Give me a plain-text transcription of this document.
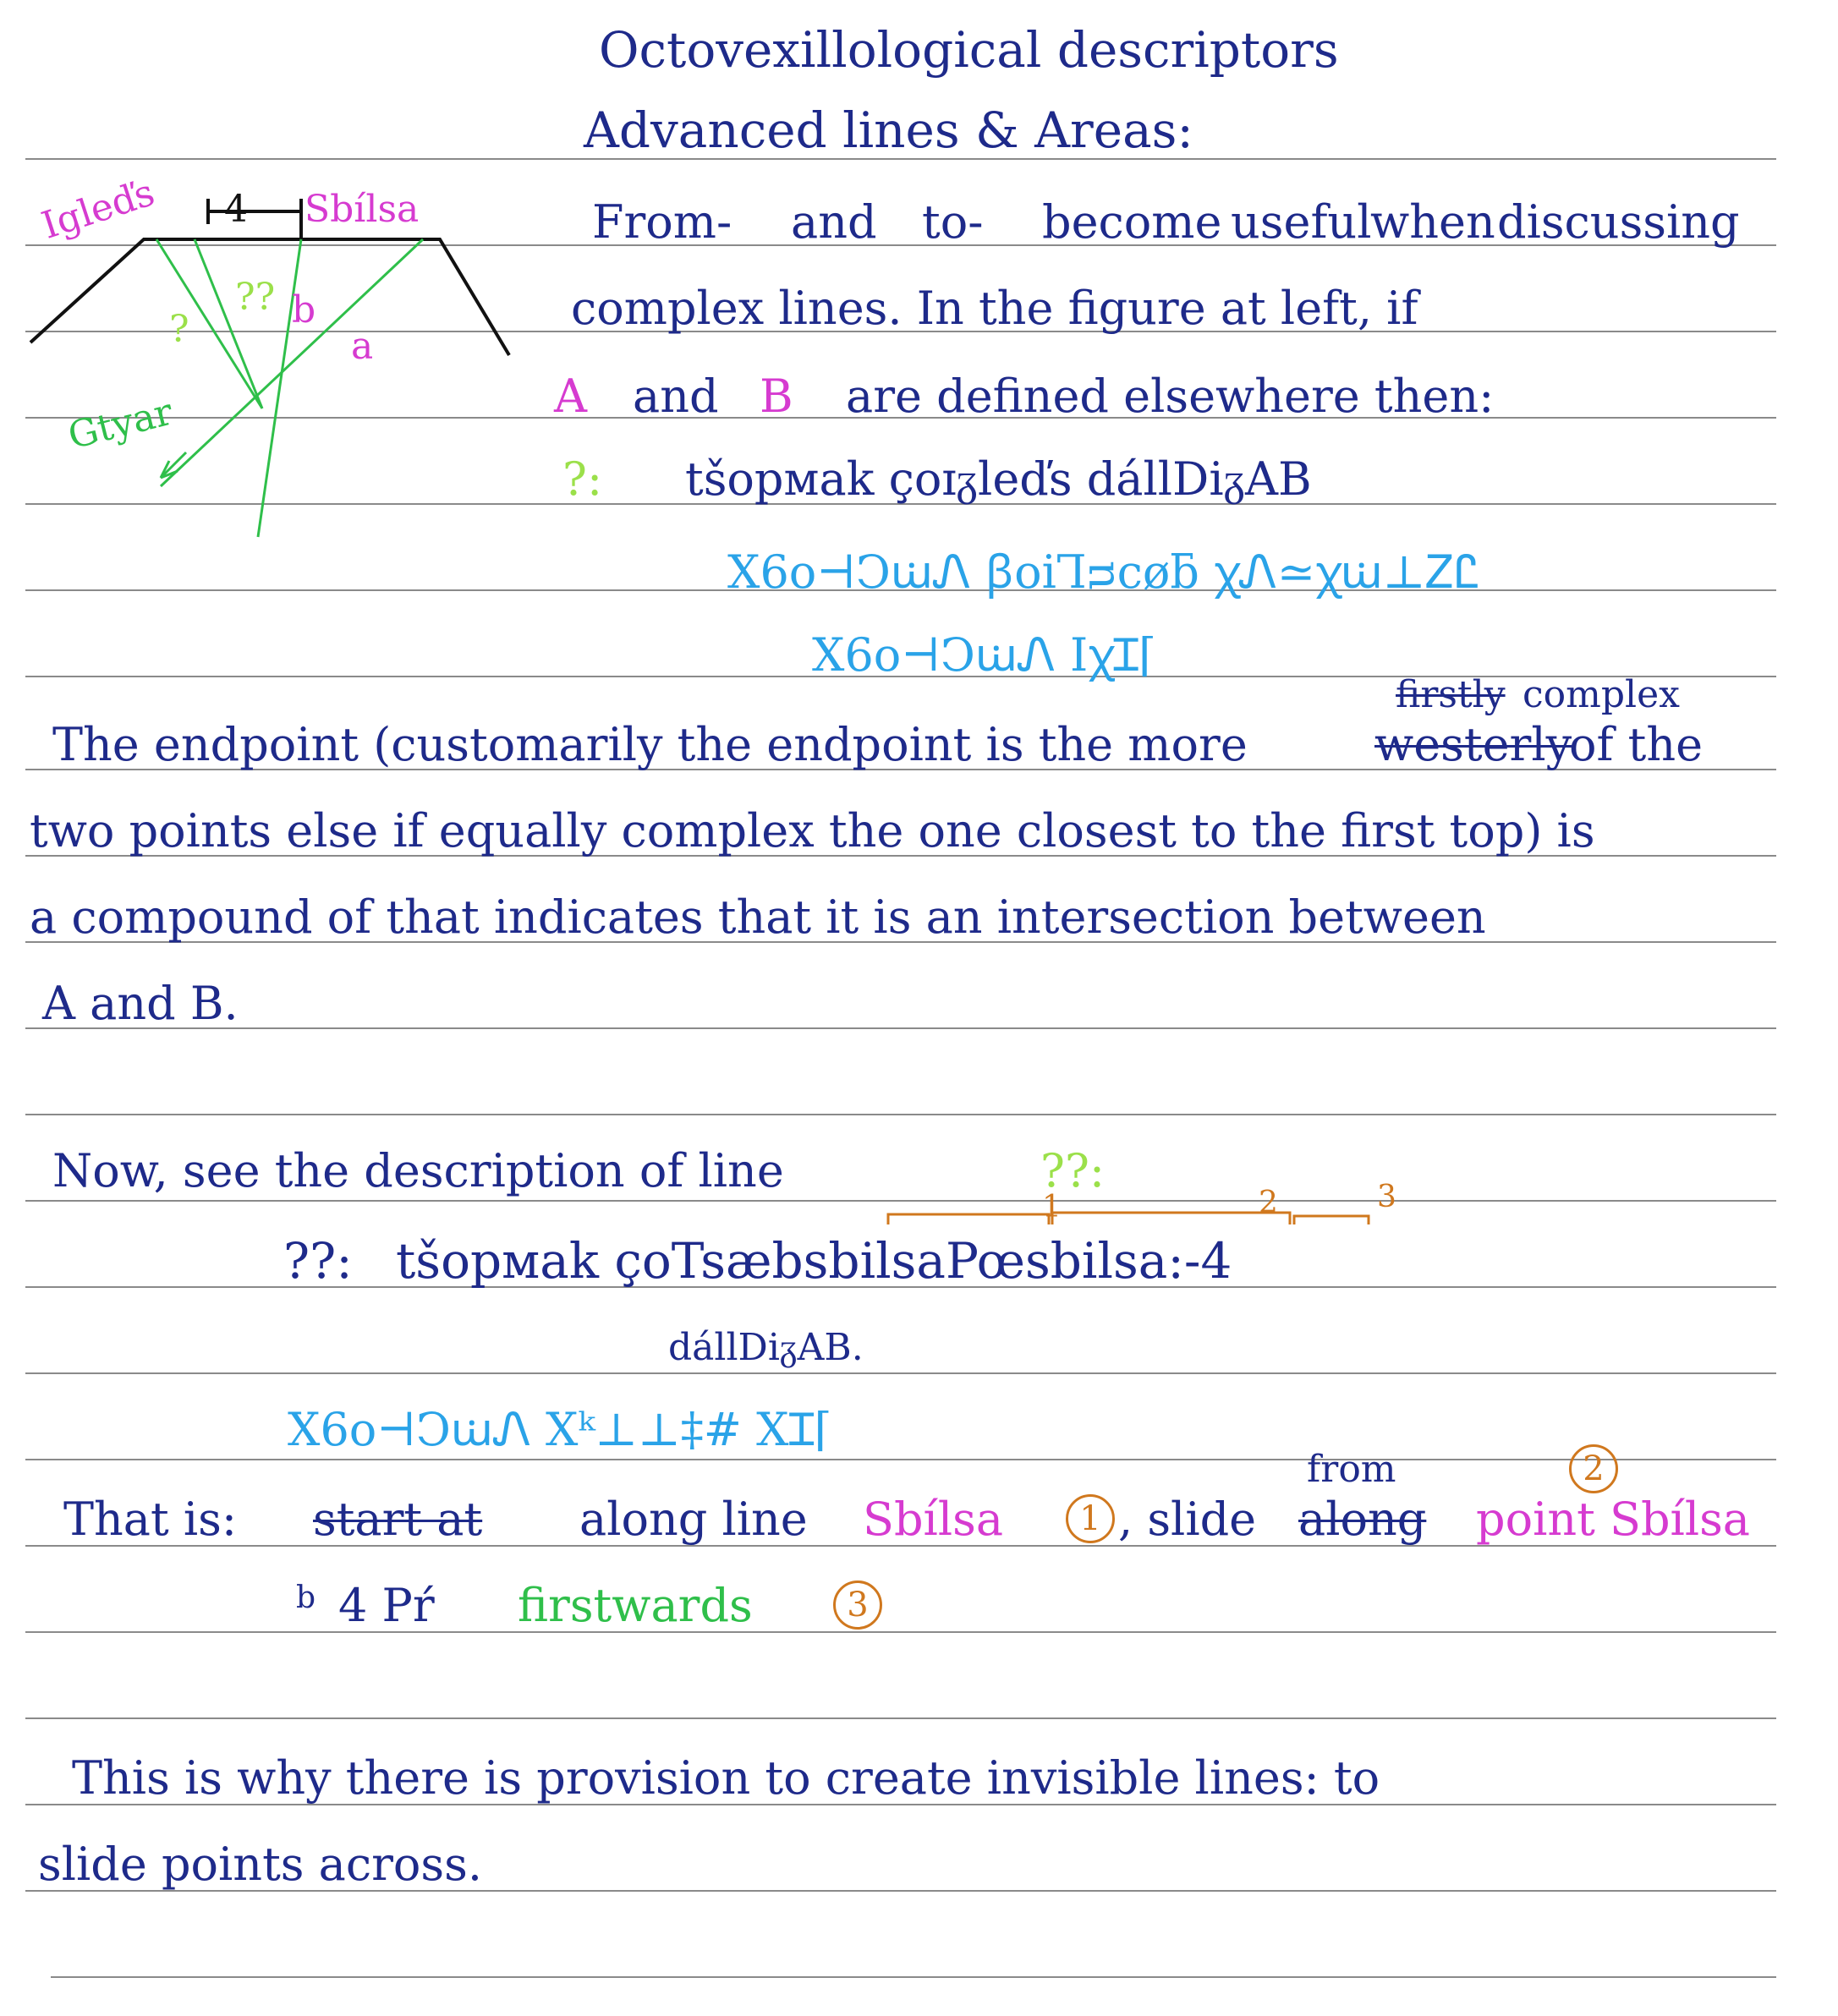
Octovexillological descriptors
Advanced lines & Areas:
Igleďs 4 Sbílsa
??
?	b
a
Gtyar
From- and to- become useful
when discussing
complex lines. In the figure at left, if
A and B are defined elsewhere then:
?: tšopмak ҫoɪᵹleďs dállDiᵹAB
X6o⊣ϽꭐᏁ ꞵoiꞀᴝcøƃ ꭓᏁ≃ꭓꭐ⊥ᏃᏝ
X6o⊣ϽꭐᏁ ⅠꭓꞮ⌈
firstly complex
The endpoint (customarily the endpoint is the more	westerly
of the
two points else if equally complex the one closest to the first top) is
a compound of that indicates that it is an intersection between
A and B.
Now, see the description of line	??:
1	2	3
??: tšopмak ҫoTsæbsbilsaPœsbilsa:-4
dállDiᵹAB.
X6o⊣ϽꭐᏁ Xᵏ⊥⊥‡# XꞮ⌈
from	2
That is: start at along line Sbílsa	1 , slide along point Sbílsa
b 4 Pŕ firstwards	3
This is why there is provision to create invisible lines: to
slide points across.
